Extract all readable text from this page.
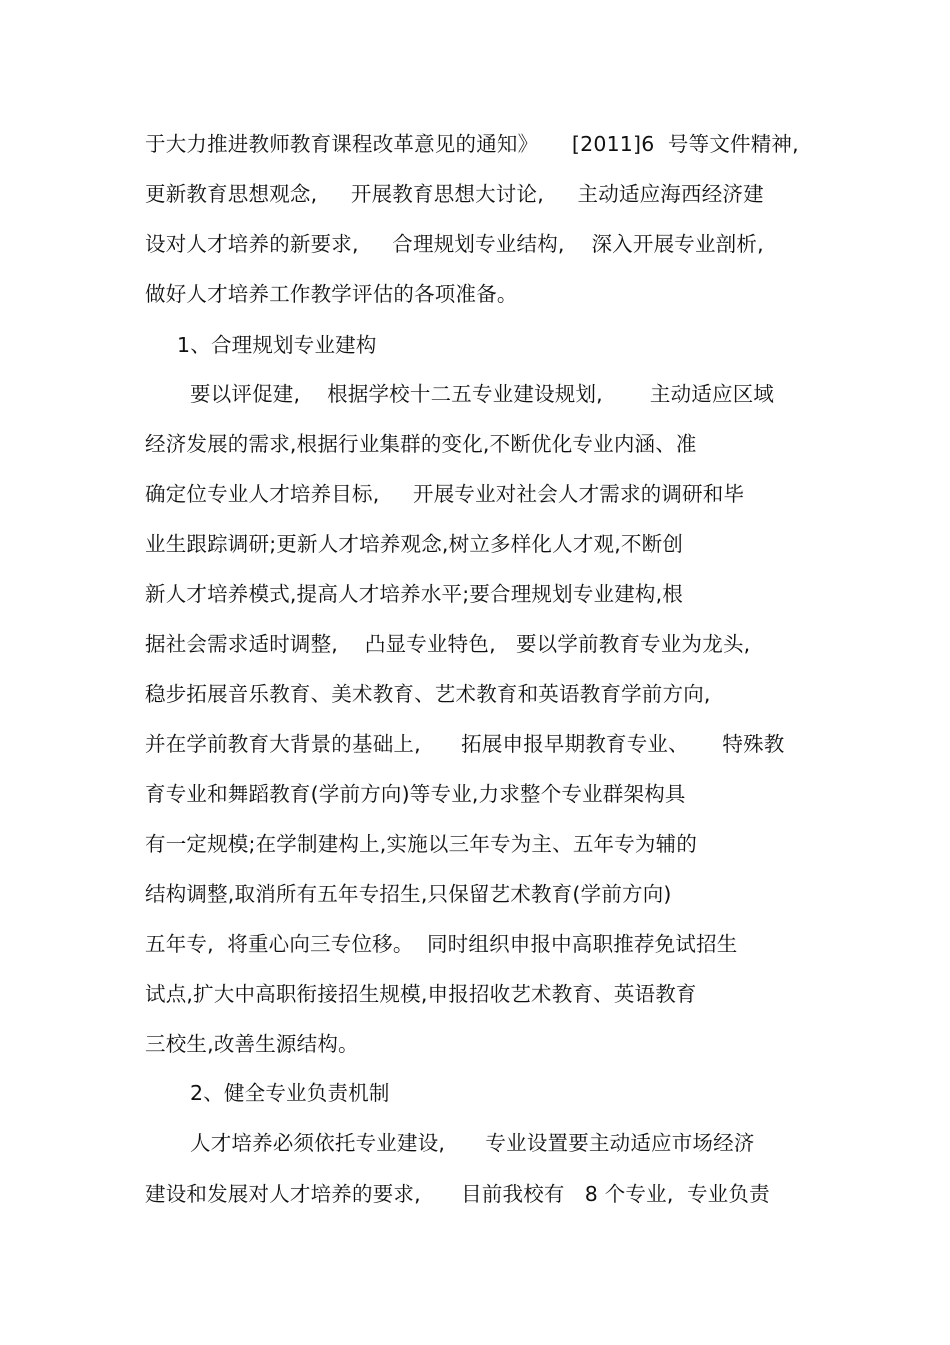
于大力推进教师教育课程改革意见的通知》     [2011]6  号等文件精神,
更新教育思想观念,     开展教育思想大讨论,     主动适应海西经济建
设对人才培养的新要求,     合理规划专业结构,    深入开展专业剖析,
做好人才培养工作教学评估的各项准备。
1、合理规划专业建构
要以评促建,    根据学校十二五专业建设规划,       主动适应区域
经济发展的需求,根据行业集群的变化,不断优化专业内涵、准
确定位专业人才培养目标,     开展专业对社会人才需求的调研和毕
业生跟踪调研;更新人才培养观念,树立多样化人才观,不断创
新人才培养模式,提高人才培养水平;要合理规划专业建构,根
据社会需求适时调整,    凸显专业特色,   要以学前教育专业为龙头,
稳步拓展音乐教育、美术教育、艺术教育和英语教育学前方向,
并在学前教育大背景的基础上,      拓展申报早期教育专业、     特殊教
育专业和舞蹈教育(学前方向)等专业,力求整个专业群架构具
有一定规模;在学制建构上,实施以三年专为主、五年专为辅的
结构调整,取消所有五年专招生,只保留艺术教育(学前方向)
五年专,  将重心向三专位移。  同时组织申报中高职推荐免试招生
试点,扩大中高职衔接招生规模,申报招收艺术教育、英语教育
三校生,改善生源结构。
2、健全专业负责机制
人才培养必须依托专业建设,      专业设置要主动适应市场经济
建设和发展对人才培养的要求,      目前我校有   8 个专业,  专业负责
